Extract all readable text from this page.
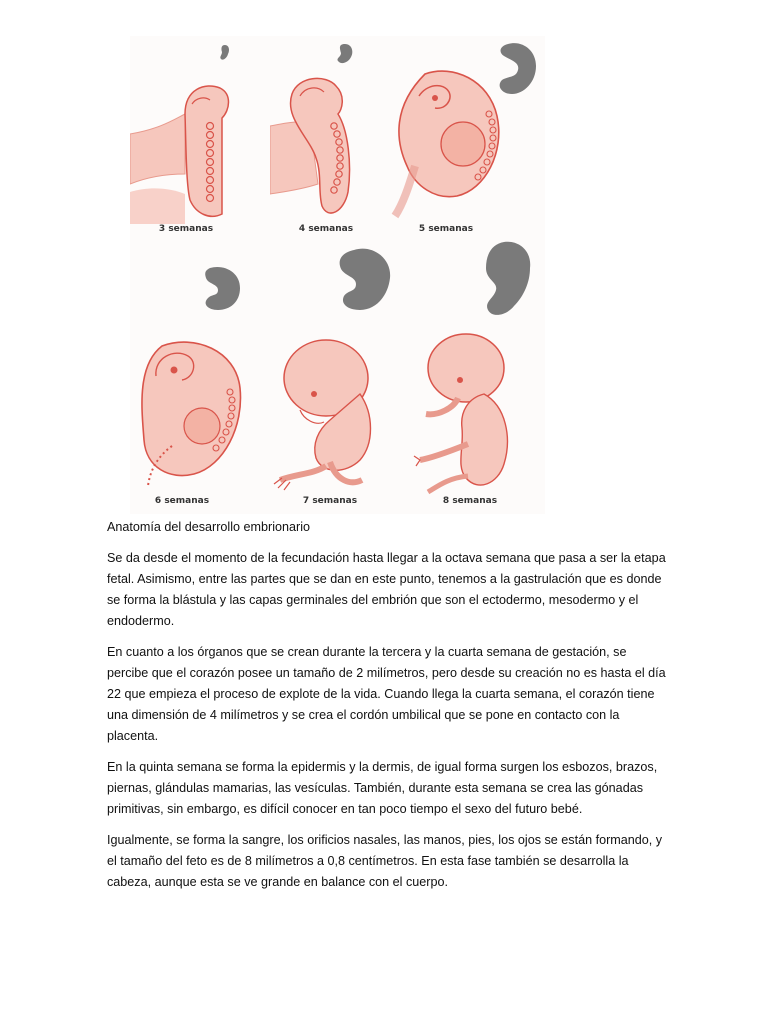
3 semanas	4 semanas	5 semanas
6 semanas	7 semanas	8 semanas
Anatomía del desarrollo embrionario

Se da desde el momento de la fecundación hasta llegar a la octava semana que pasa a ser la etapa fetal. Asimismo, entre las partes que se dan en este punto, tenemos a la gastrulación que es donde se forma la blástula y las capas germinales del embrión que son el ectodermo, mesodermo y el endodermo.

En cuanto a los órganos que se crean durante la tercera y la cuarta semana de gestación, se percibe que el corazón posee un tamaño de 2 milímetros, pero desde su creación no es hasta el día 22 que empieza el proceso de explote de la vida. Cuando llega la cuarta semana, el corazón tiene una dimensión de 4 milímetros y se crea el cordón umbilical que se pone en contacto con la placenta.

En la quinta semana se forma la epidermis y la dermis, de igual forma surgen los esbozos, brazos, piernas, glándulas mamarias, las vesículas. También, durante esta semana se crea las gónadas primitivas, sin embargo, es difícil conocer en tan poco tiempo el sexo del futuro bebé.

Igualmente, se forma la sangre, los orificios nasales, las manos, pies, los ojos se están formando, y el tamaño del feto es de 8 milímetros a 0,8 centímetros. En esta fase también se desarrolla la cabeza, aunque esta se ve grande en balance con el cuerpo.
